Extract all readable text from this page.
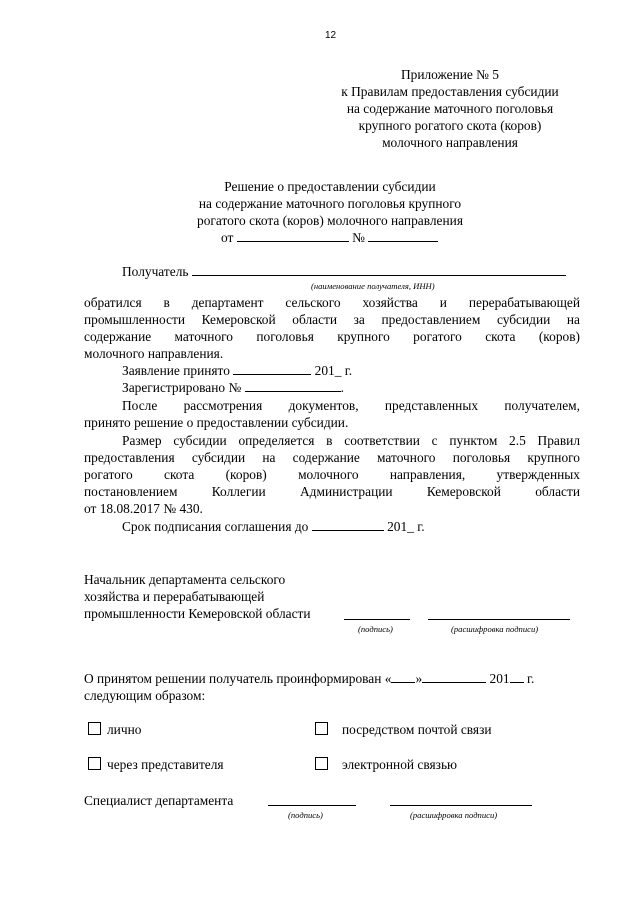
12
Приложение № 5
к Правилам предоставления субсидии
на содержание маточного поголовья
крупного рогатого скота (коров)
молочного направления
Решение о предоставлении субсидии
на содержание маточного поголовья крупного
рогатого скота (коров) молочного направления
от	№
Получатель
(наименование получателя, ИНН)
обратился в департамент сельского хозяйства и перерабатывающей
промышленности Кемеровской области за предоставлением субсидии на
содержание маточного поголовья крупного рогатого скота (коров)
молочного направления.
Заявление принято	201_ г.
Зарегистрировано №	.
После рассмотрения документов, представленных получателем,
принято решение о предоставлении субсидии.
Размер субсидии определяется в соответствии с пунктом 2.5 Правил
предоставления субсидии на содержание маточного поголовья крупного
рогатого скота (коров) молочного направления, утвержденных
постановлением Коллегии Администрации Кемеровской области
от 18.08.2017 № 430.
Срок подписания соглашения до	201_ г.
Начальник департамента сельского
хозяйства и перерабатывающей
промышленности Кемеровской области
(подпись)	(расшифровка подписи)
О принятом решении получатель проинформирован « »	201 г.
следующим образом:
лично	посредством почтой связи
через представителя	электронной связью
Специалист департамента
(подпись)	(расшифровка подписи)
